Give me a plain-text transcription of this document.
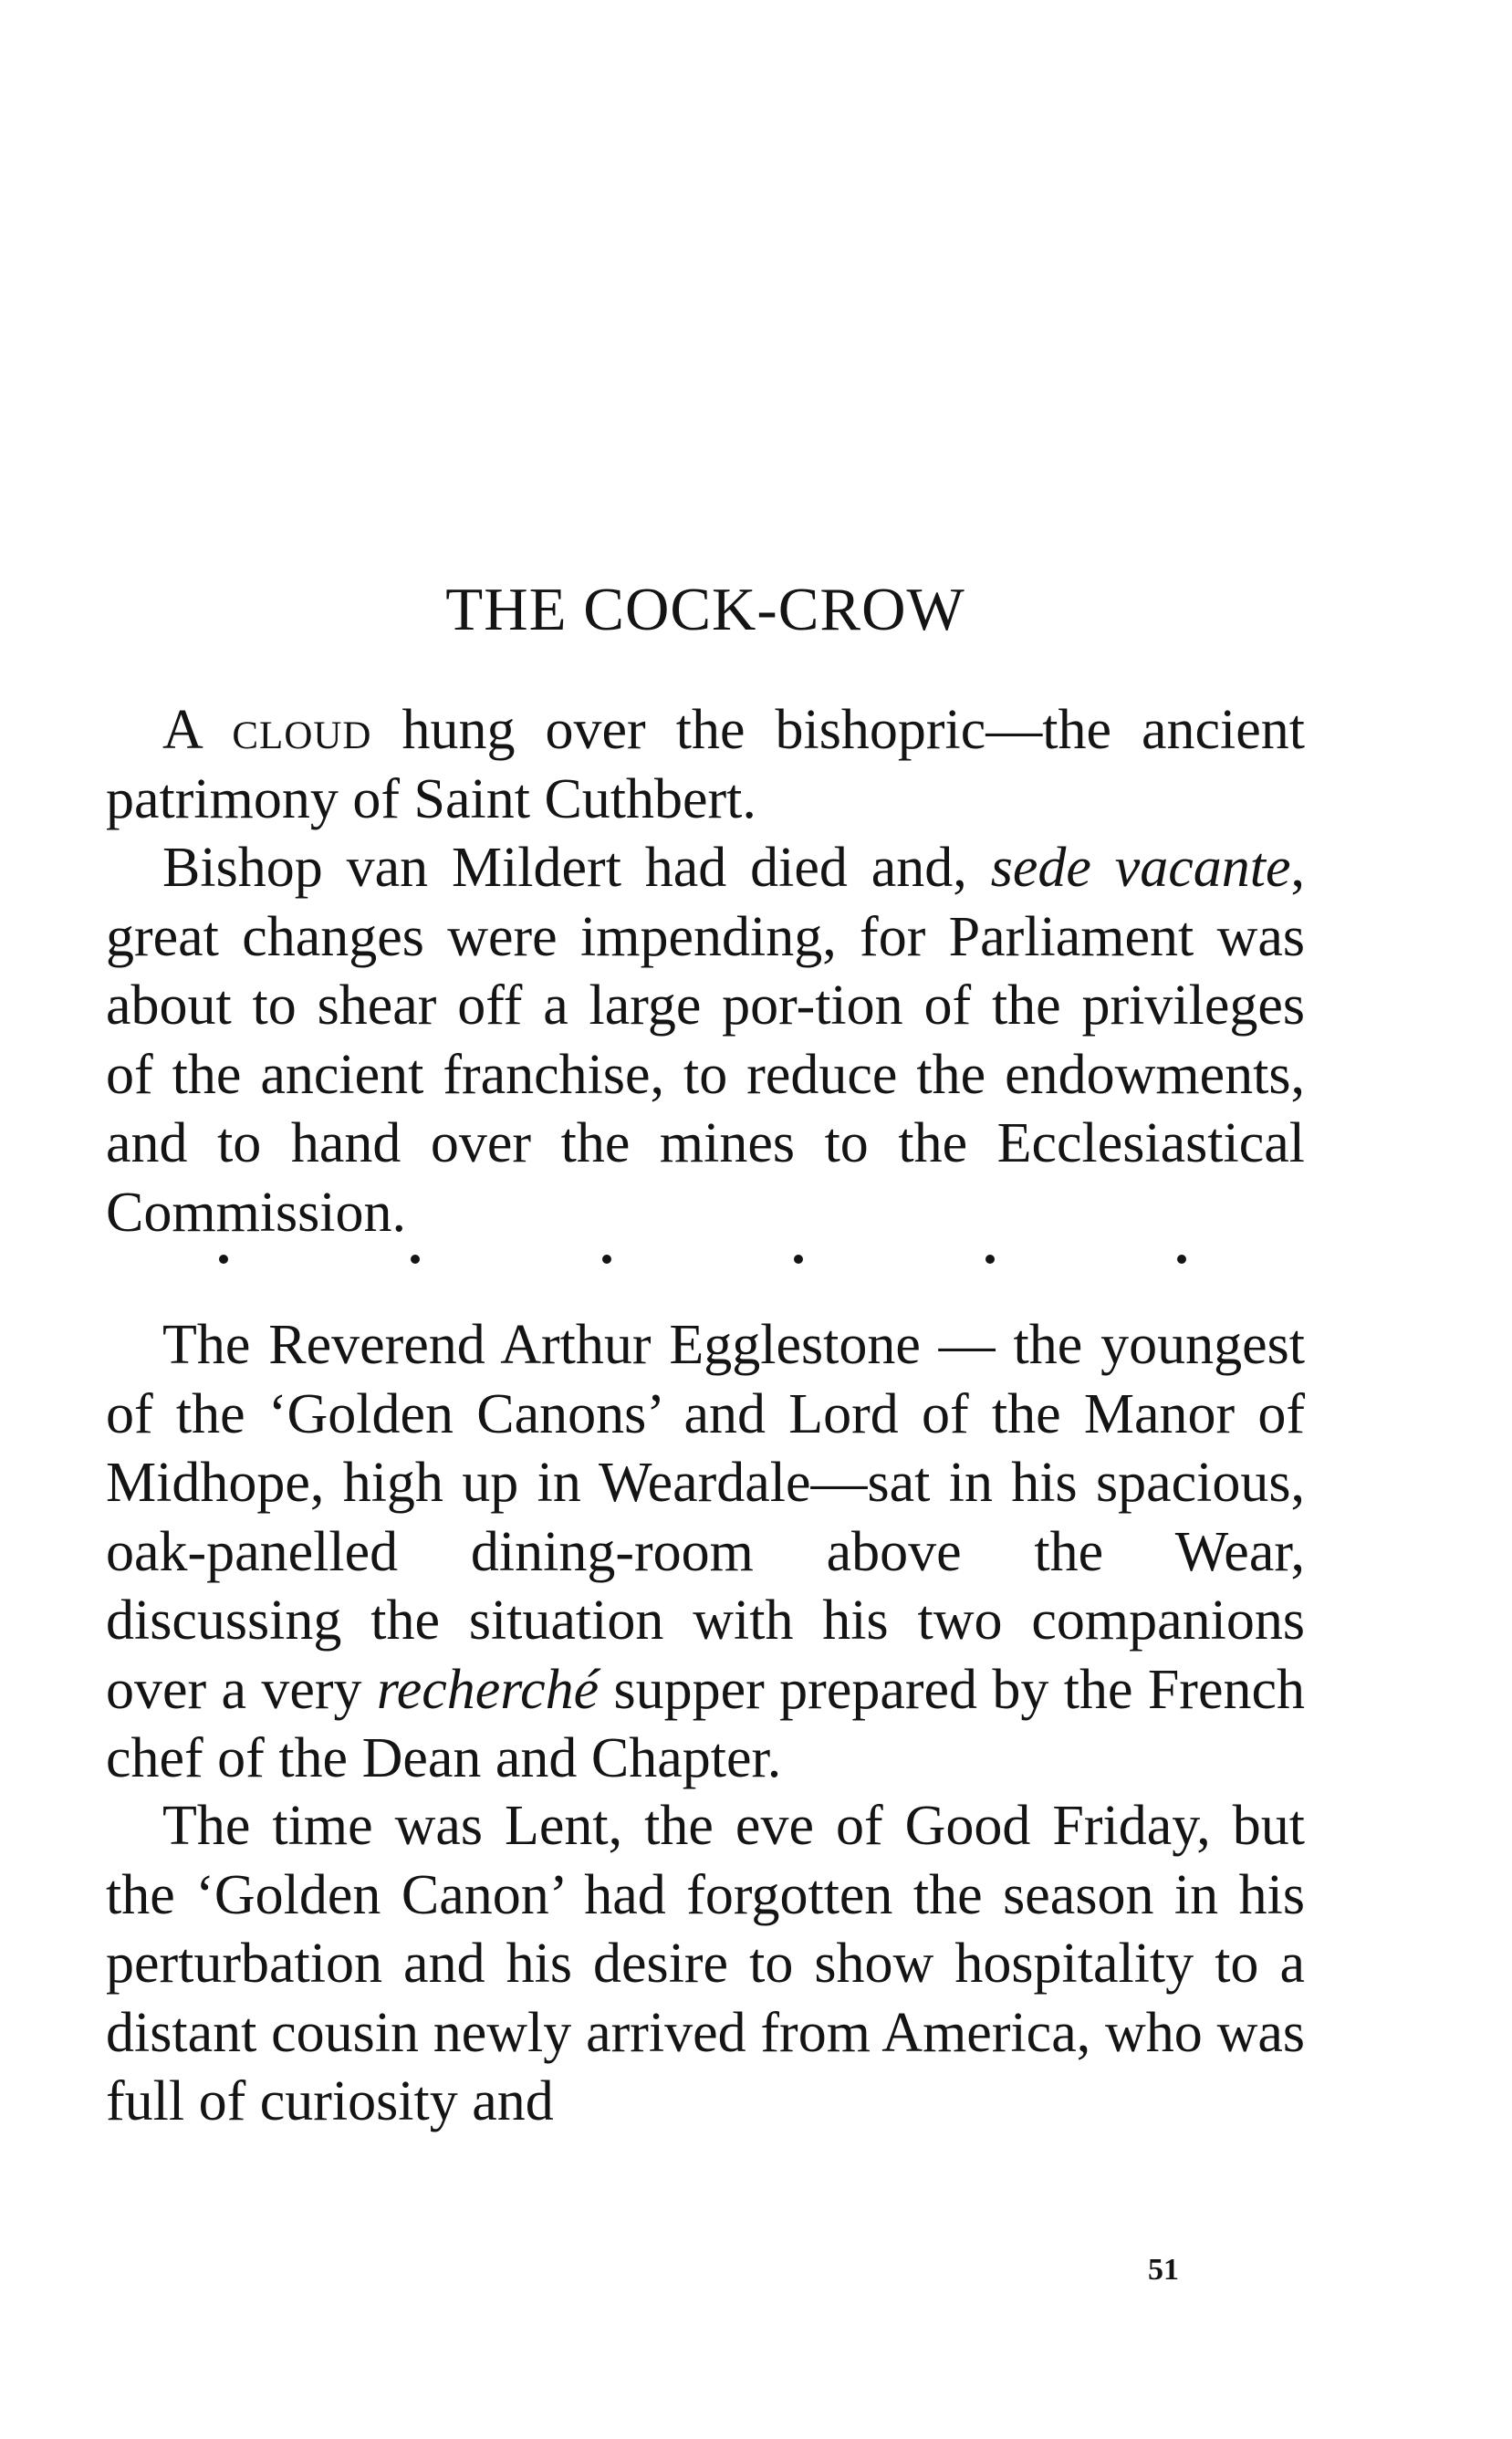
THE COCK-CROW

A cloud hung over the bishopric—the ancient patrimony of Saint Cuthbert.

Bishop van Mildert had died and, sede vacante, great changes were impending, for Parliament was about to shear off a large por-tion of the privileges of the ancient franchise, to reduce the endowments, and to hand over the mines to the Ecclesiastical Commission.

The Reverend Arthur Egglestone — the youngest of the ‘Golden Canons’ and Lord of the Manor of Midhope, high up in Weardale—sat in his spacious, oak-panelled dining-room above the Wear, discussing the situation with his two companions over a very recherché supper prepared by the French chef of the Dean and Chapter.

The time was Lent, the eve of Good Friday, but the ‘Golden Canon’ had forgotten the season in his perturbation and his desire to show hospitality to a distant cousin newly arrived from America, who was full of curiosity and

51
